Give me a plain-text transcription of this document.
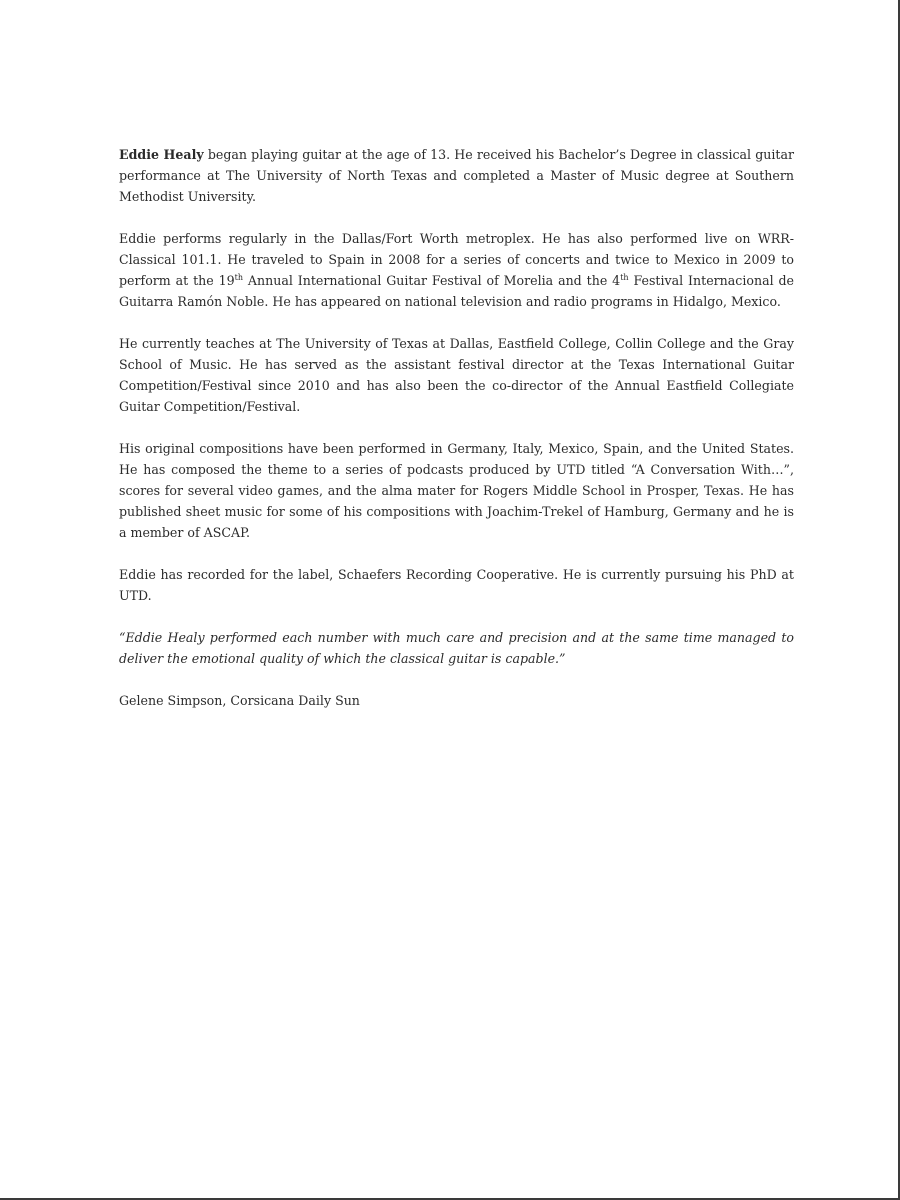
Eddie Healy began playing guitar at the age of 13. He received his Bachelor’s Degree in classical guitar performance at The University of North Texas and completed a Master of Music degree at Southern Methodist University.

Eddie performs regularly in the Dallas/Fort Worth metroplex. He has also performed live on WRR-Classical 101.1. He traveled to Spain in 2008 for a series of concerts and twice to Mexico in 2009 to perform at the 19th Annual International Guitar Festival of Morelia and the 4th Festival Internacional de Guitarra Ramón Noble. He has appeared on national television and radio programs in Hidalgo, Mexico.

He currently teaches at The University of Texas at Dallas, Eastfield College, Collin College and the Gray School of Music. He has served as the assistant festival director at the Texas International Guitar Competition/Festival since 2010 and has also been the co-director of the Annual Eastfield Collegiate Guitar Competition/Festival.

His original compositions have been performed in Germany, Italy, Mexico, Spain, and the United States. He has composed the theme to a series of podcasts produced by UTD titled “A Conversation With…”, scores for several video games, and the alma mater for Rogers Middle School in Prosper, Texas. He has published sheet music for some of his compositions with Joachim-Trekel of Hamburg, Germany and he is a member of ASCAP.

Eddie has recorded for the label, Schaefers Recording Cooperative. He is currently pursuing his PhD at UTD.

“Eddie Healy performed each number with much care and precision and at the same time managed to deliver the emotional quality of which the classical guitar is capable.”

Gelene Simpson, Corsicana Daily Sun
